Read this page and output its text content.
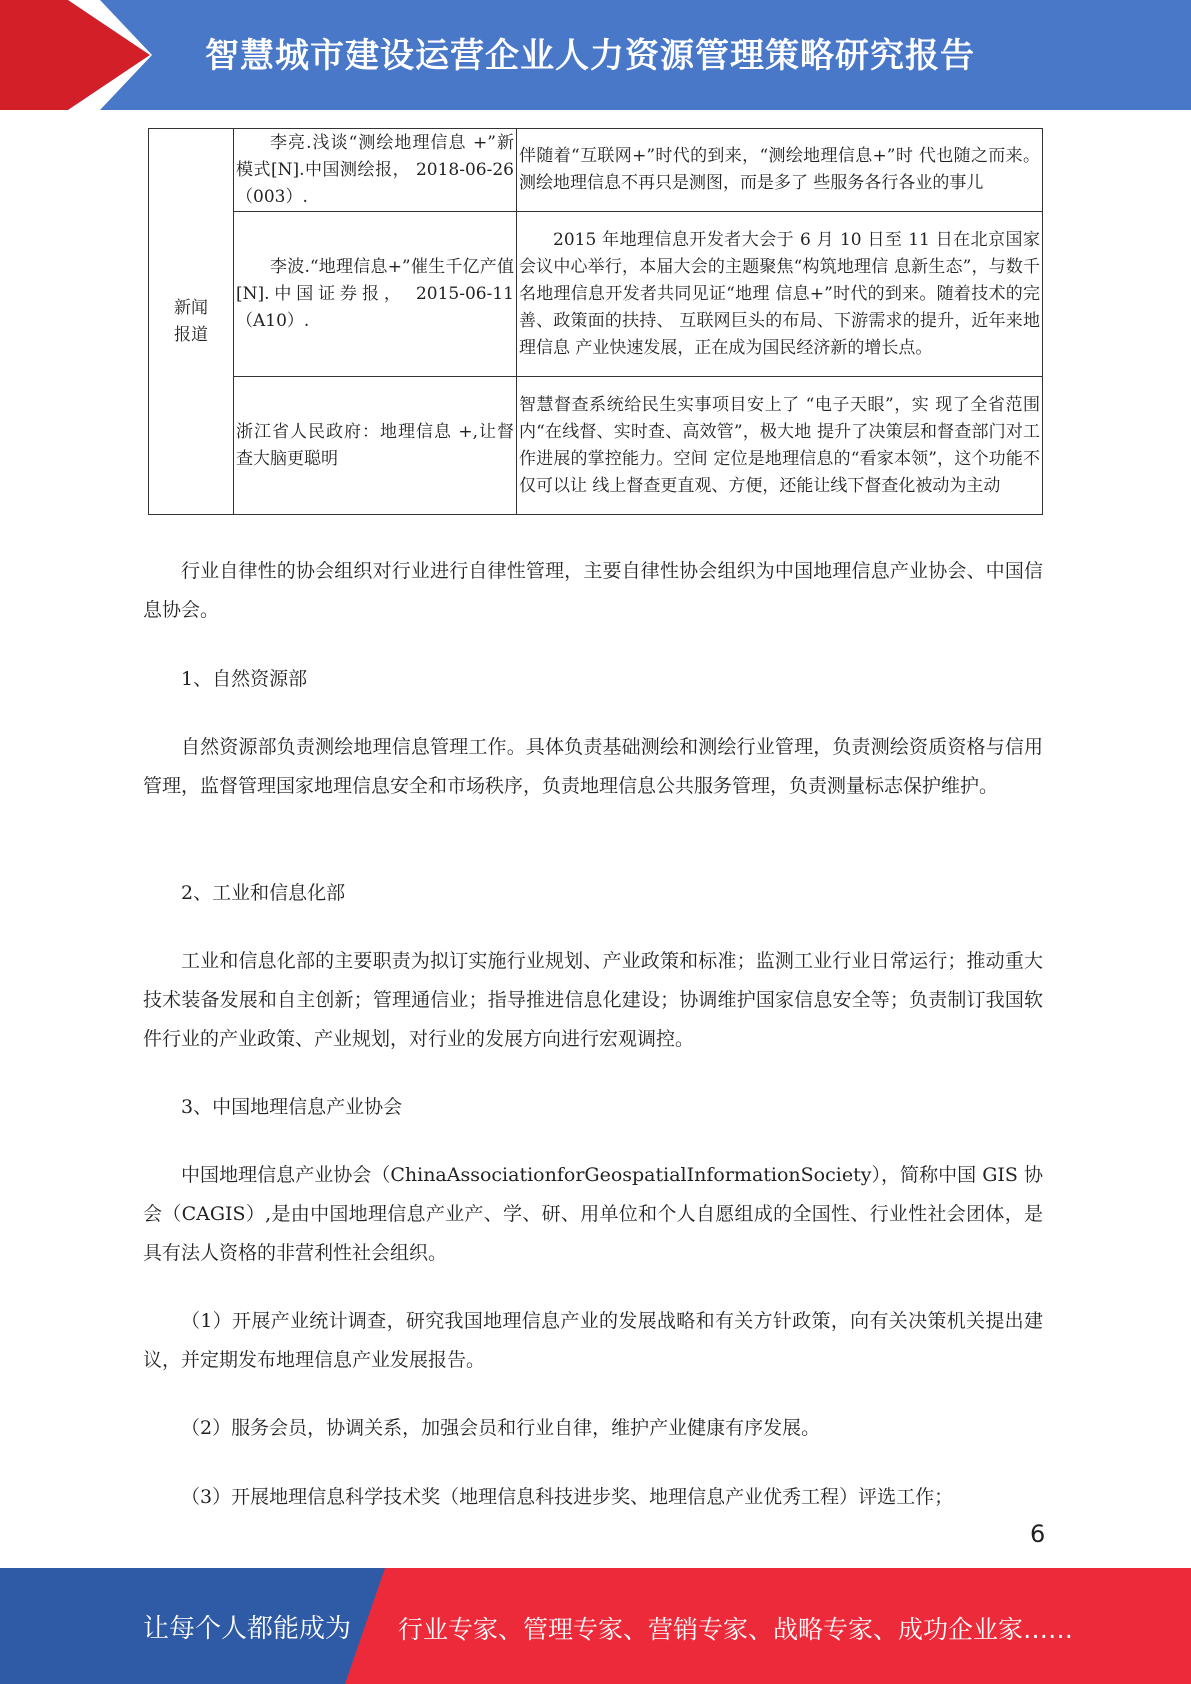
智慧城市建设运营企业人力资源管理策略研究报告
新闻
报道	李亮.浅谈“测绘地理信息 +”新模式[N].中国测绘报， 2018-06-26（003）.	伴随着“互联网+”时代的到来，“测绘地理信息+”时 代也随之而来。测绘地理信息不再只是测图，而是多了 些服务各行各业的事儿
	李波.“地理信息+”催生千亿产值[N].中国证券报， 2015-06-11（A10）.	2015 年地理信息开发者大会于 6 月 10 日至 11 日在北京国家会议中心举行，本届大会的主题聚焦“构筑地理信 息新生态”，与数千名地理信息开发者共同见证“地理 信息+”时代的到来。随着技术的完善、政策面的扶持、 互联网巨头的布局、下游需求的提升，近年来地理信息 产业快速发展，正在成为国民经济新的增长点。
	浙江省人民政府：地理信息 +,让督查大脑更聪明	智慧督查系统给民生实事项目安上了 “电子天眼”，实 现了全省范围内“在线督、实时查、高效管”，极大地 提升了决策层和督查部门对工作进展的掌控能力。空间 定位是地理信息的“看家本领”，这个功能不仅可以让 线上督查更直观、方便，还能让线下督查化被动为主动

行业自律性的协会组织对行业进行自律性管理，主要自律性协会组织为中国地理信息产业协会、中国信息协会。

1、自然资源部

自然资源部负责测绘地理信息管理工作。具体负责基础测绘和测绘行业管理，负责测绘资质资格与信用管理，监督管理国家地理信息安全和市场秩序，负责地理信息公共服务管理，负责测量标志保护维护。

2、工业和信息化部

工业和信息化部的主要职责为拟订实施行业规划、产业政策和标准；监测工业行业日常运行；推动重大技术装备发展和自主创新；管理通信业；指导推进信息化建设；协调维护国家信息安全等；负责制订我国软件行业的产业政策、产业规划，对行业的发展方向进行宏观调控。

3、中国地理信息产业协会

中国地理信息产业协会（ChinaAssociationforGeospatialInformationSociety），简称中国 GIS 协会（CAGIS）,是由中国地理信息产业产、学、研、用单位和个人自愿组成的全国性、行业性社会团体，是具有法人资格的非营利性社会组织。

（1）开展产业统计调查，研究我国地理信息产业的发展战略和有关方针政策，向有关决策机关提出建议，并定期发布地理信息产业发展报告。

（2）服务会员，协调关系，加强会员和行业自律，维护产业健康有序发展。

（3）开展地理信息科学技术奖（地理信息科技进步奖、地理信息产业优秀工程）评选工作；

6
让每个人都能成为 行业专家、管理专家、营销专家、战略专家、成功企业家……
